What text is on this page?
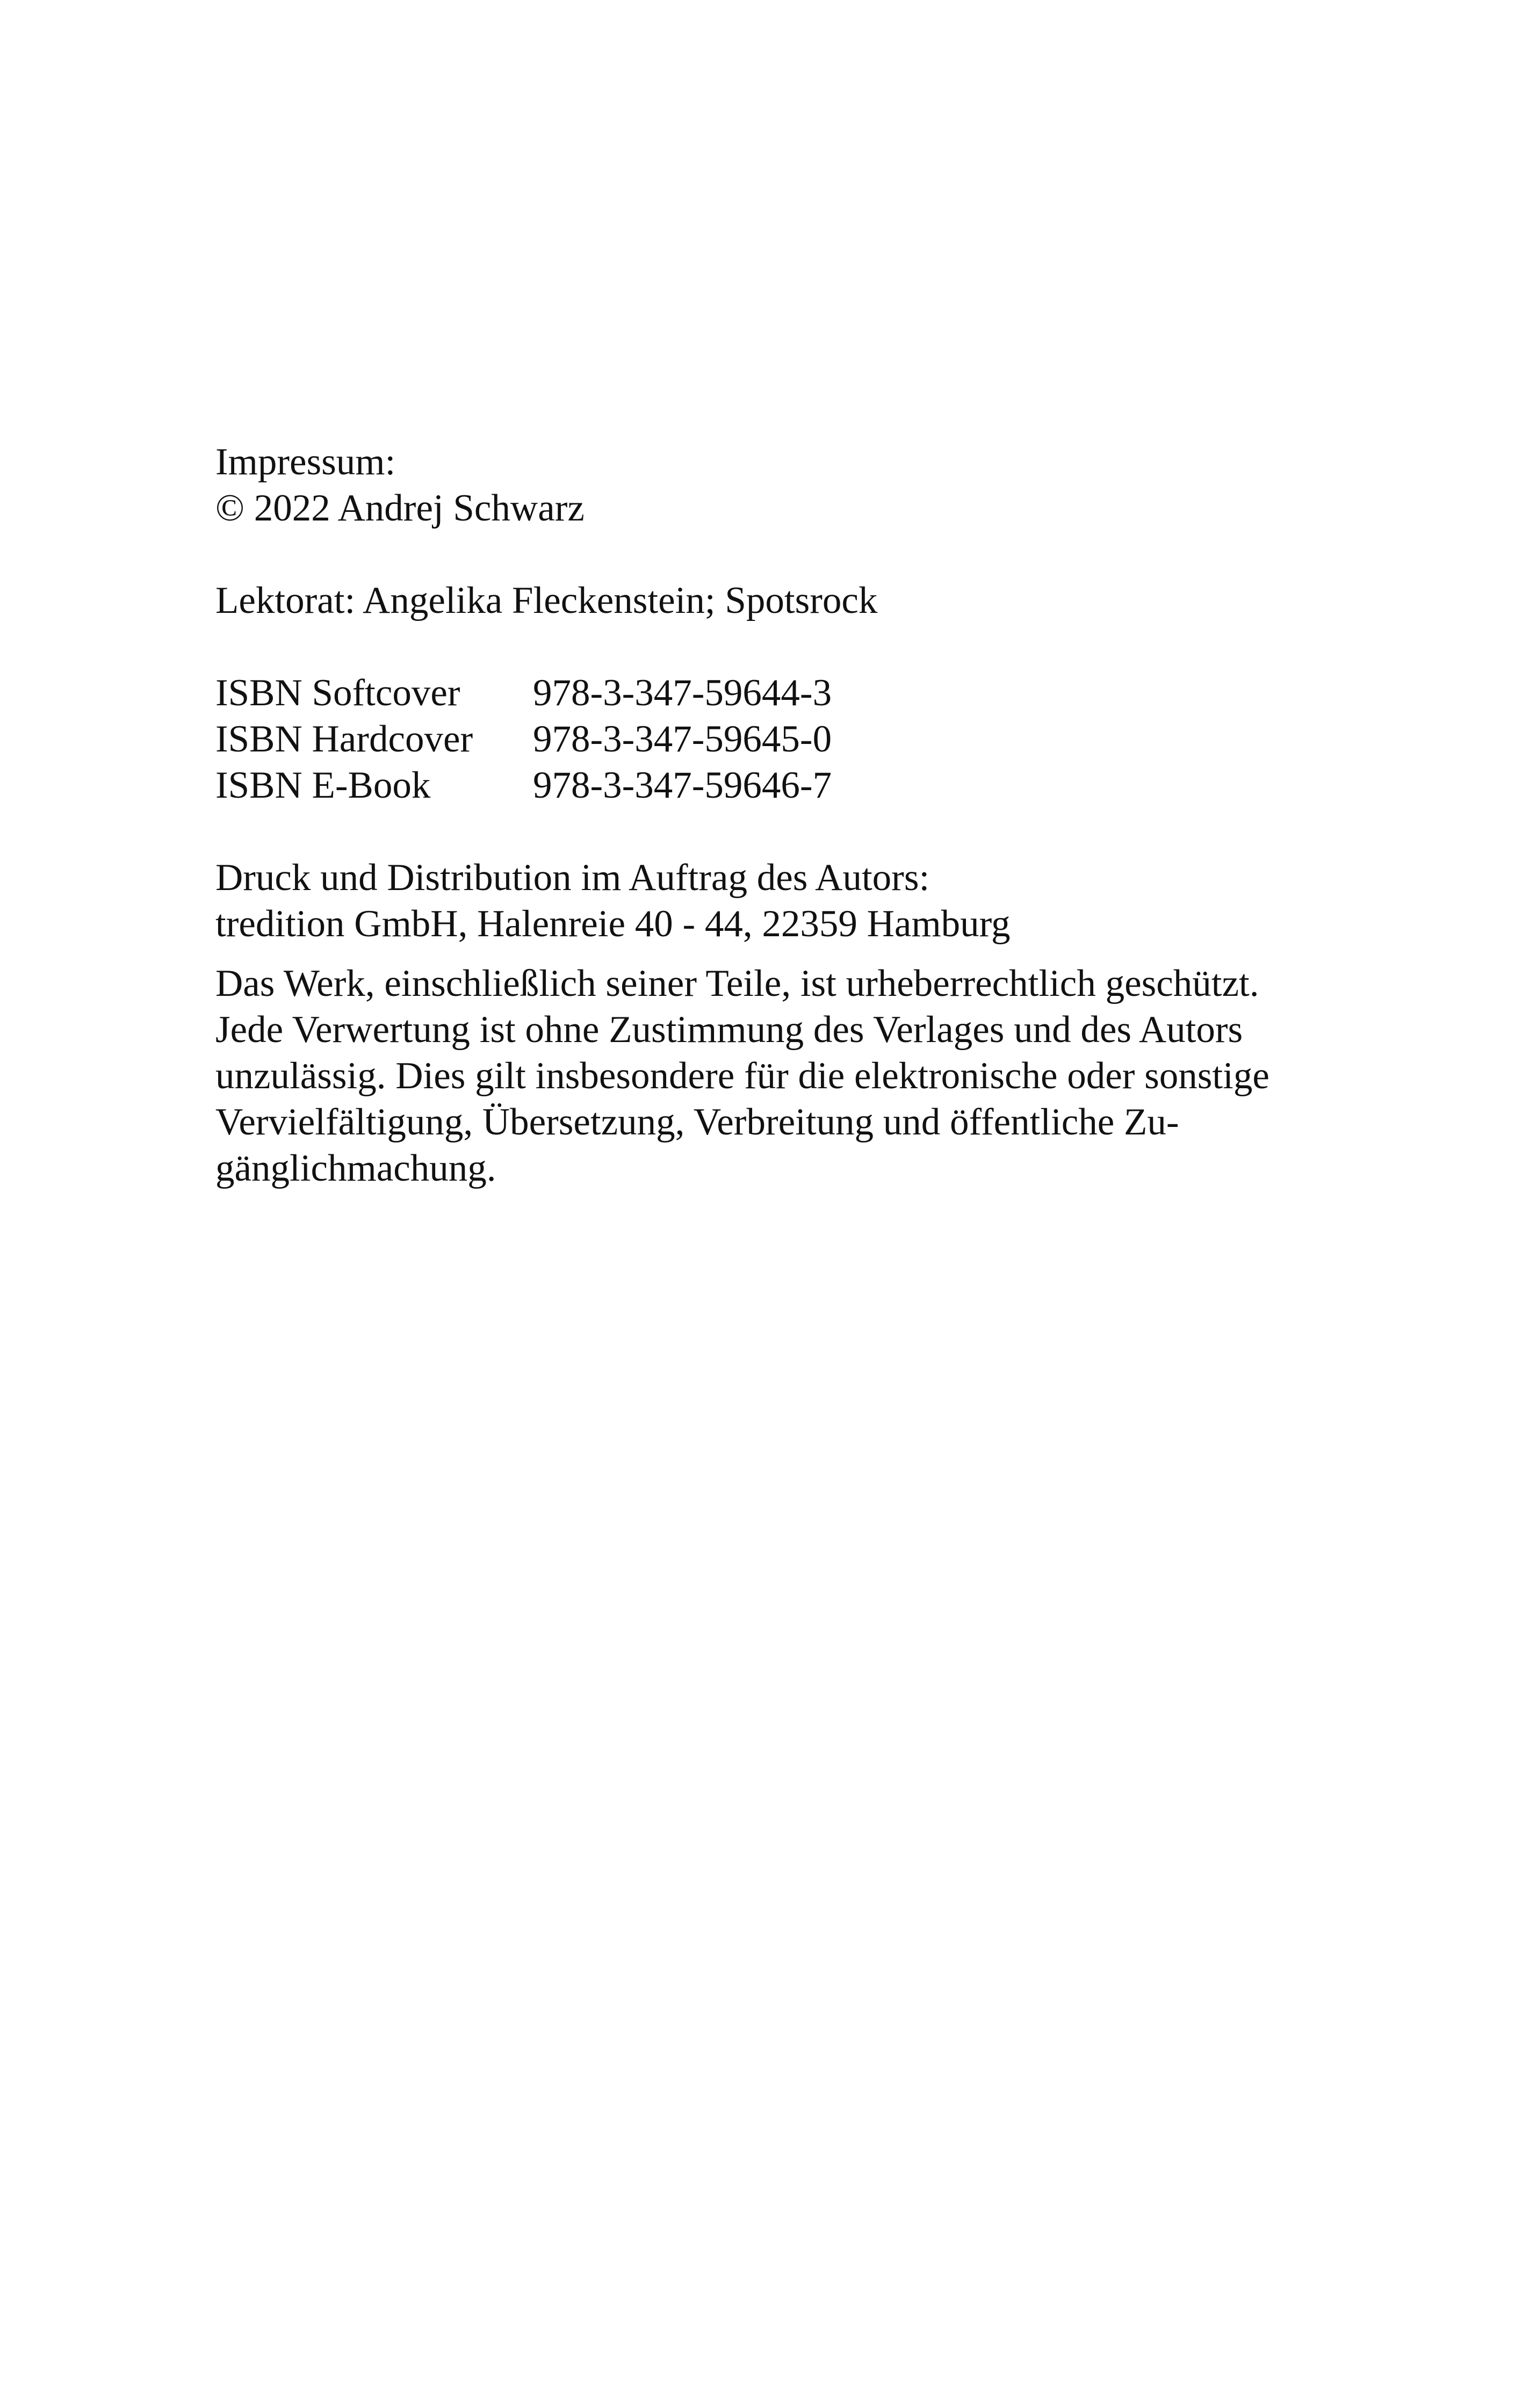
Impressum:
© 2022 Andrej Schwarz
Lektorat: Angelika Fleckenstein; Spotsrock
ISBN Softcover	978-3-347-59644-3
ISBN Hardcover	978-3-347-59645-0
ISBN E-Book	978-3-347-59646-7
Druck und Distribution im Auftrag des Autors:
tredition GmbH, Halenreie 40 - 44, 22359 Hamburg
Das Werk, einschließlich seiner Teile, ist urheberrechtlich geschützt.
Jede Verwertung ist ohne Zustimmung des Verlages und des Autors
unzulässig. Dies gilt insbesondere für die elektronische oder sonstige
Vervielfältigung, Übersetzung, Verbreitung und öffentliche Zu-
gänglichmachung.
